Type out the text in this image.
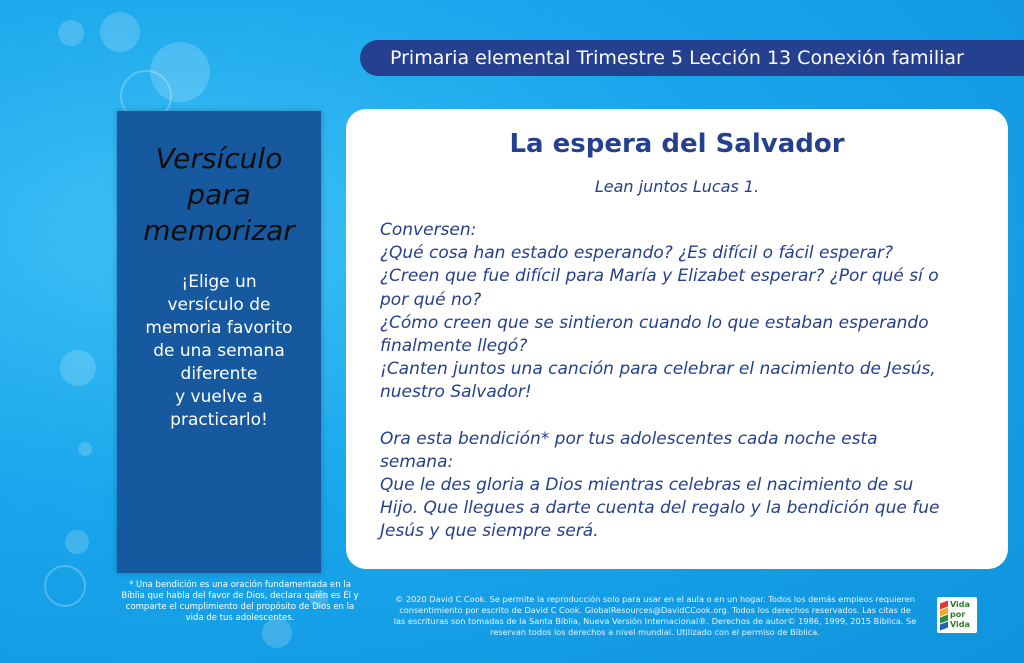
Primaria elemental Trimestre 5 Lección 13 Conexión familiar
Versículo
para
memorizar
¡Elige un
versículo de
memoria favorito
de una semana
diferente
y vuelve a
practicarlo!
La espera del Salvador
Lean juntos Lucas 1.

Conversen:

¿Qué cosa han estado esperando? ¿Es difícil o fácil esperar?

¿Creen que fue difícil para María y Elizabet esperar? ¿Por qué sí o

por qué no?

¿Cómo creen que se sintieron cuando lo que estaban esperando

finalmente llegó?

¡Canten juntos una canción para celebrar el nacimiento de Jesús,

nuestro Salvador!

Ora esta bendición* por tus adolescentes cada noche esta

semana:

Que le des gloria a Dios mientras celebras el nacimiento de su

Hijo. Que llegues a darte cuenta del regalo y la bendición que fue

Jesús y que siempre será.

* Una bendición es una oración fundamentada en la
Biblia que habla del favor de Dios, declara quién es Él y
comparte el cumplimiento del propósito de Dios en la
vida de tus adolescentes.
© 2020 David C Cook. Se permite la reproducción solo para usar en el aula o en un hogar. Todos los demás empleos requieren
consentimiento por escrito de David C Cook. GlobalResources@DavidCCook.org. Todos los derechos reservados. Las citas de
las escrituras son tomadas de la Santa Biblia, Nueva Versión Internacional®. Derechos de autor© 1986, 1999, 2015 Bíblica. Se
reservan todos los derechos a nivel mundial. Utilizado con el permiso de Bíblica.
Vida
por
Vida
